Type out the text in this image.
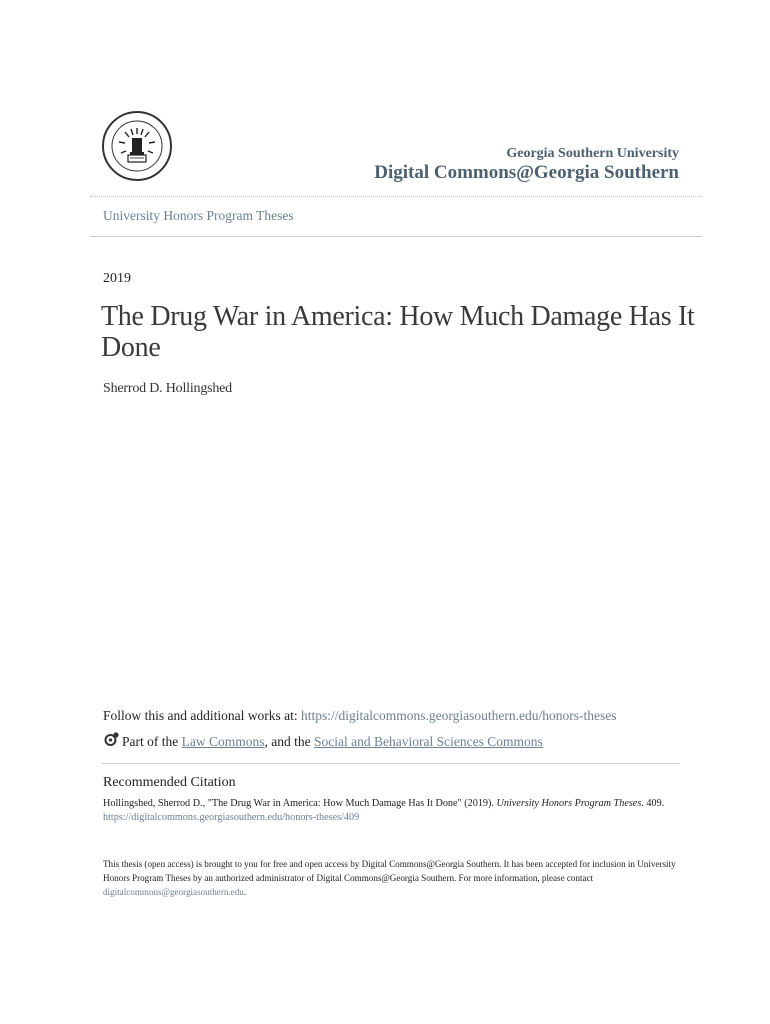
Georgia Southern University
Digital Commons@Georgia Southern
University Honors Program Theses
2019
The Drug War in America: How Much Damage Has It Done
Sherrod D. Hollingshed
Follow this and additional works at: https://digitalcommons.georgiasouthern.edu/honors-theses
Part of the Law Commons, and the Social and Behavioral Sciences Commons
Recommended Citation
Hollingshed, Sherrod D., "The Drug War in America: How Much Damage Has It Done" (2019). University Honors Program Theses. 409.
https://digitalcommons.georgiasouthern.edu/honors-theses/409
This thesis (open access) is brought to you for free and open access by Digital Commons@Georgia Southern. It has been accepted for inclusion in University Honors Program Theses by an authorized administrator of Digital Commons@Georgia Southern. For more information, please contact
digitalcommons@georgiasouthern.edu.
